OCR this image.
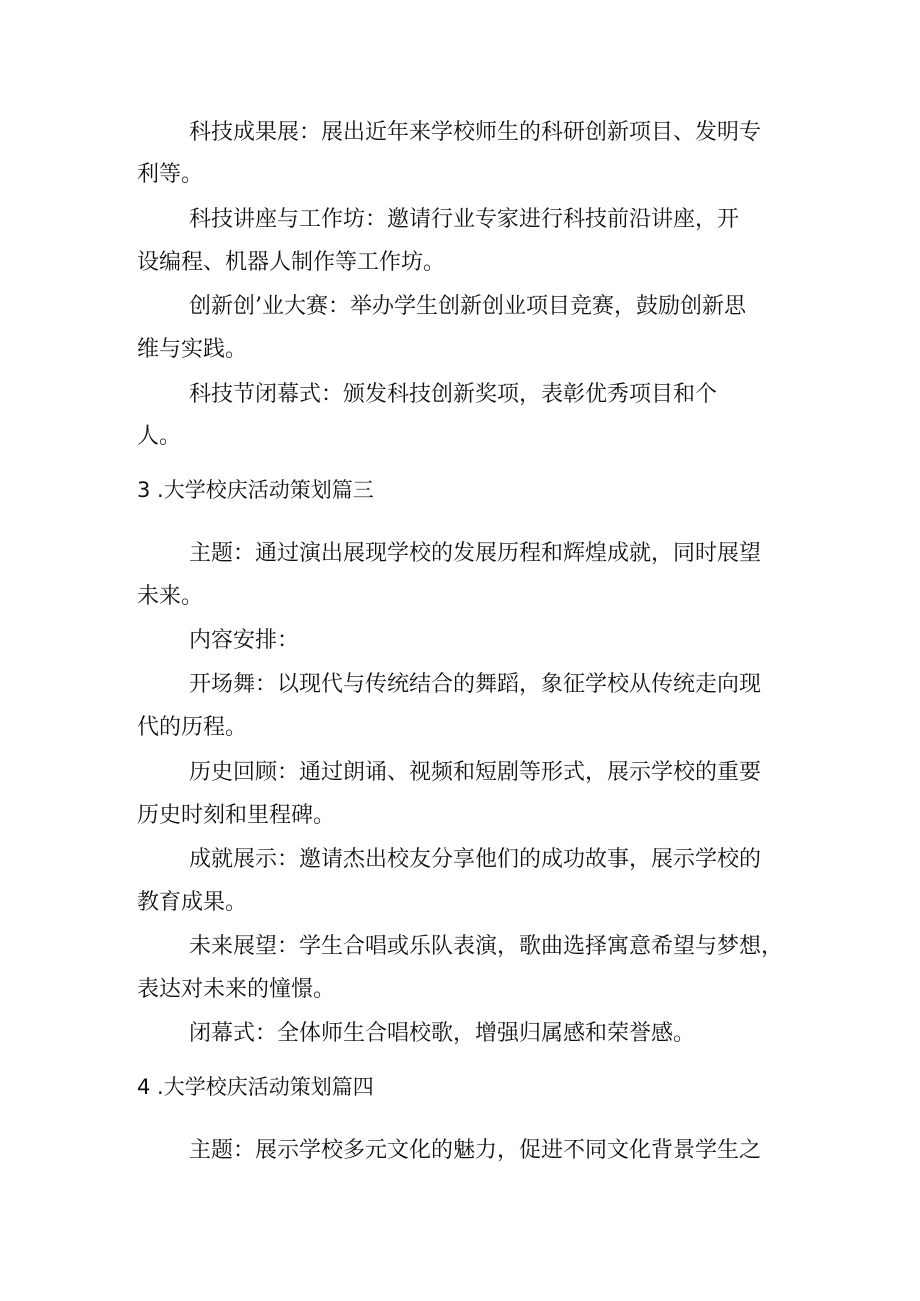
科技成果展：展出近年来学校师生的科研创新项目、发明专
利等。
科技讲座与工作坊：邀请行业专家进行科技前沿讲座，开
设编程、机器人制作等工作坊。
创新创’业大赛：举办学生创新创业项目竞赛，鼓励创新思
维与实践。
科技节闭幕式：颁发科技创新奖项，表彰优秀项目和个
人。
3 .大学校庆活动策划篇三
主题：通过演出展现学校的发展历程和辉煌成就，同时展望
未来。
内容安排：
开场舞：以现代与传统结合的舞蹈，象征学校从传统走向现
代的历程。
历史回顾：通过朗诵、视频和短剧等形式，展示学校的重要
历史时刻和里程碑。
成就展示：邀请杰出校友分享他们的成功故事，展示学校的
教育成果。
未来展望：学生合唱或乐队表演，歌曲选择寓意希望与梦想，
表达对未来的憧憬。
闭幕式：全体师生合唱校歌，增强归属感和荣誉感。
4 .大学校庆活动策划篇四
主题：展示学校多元文化的魅力，促进不同文化背景学生之
